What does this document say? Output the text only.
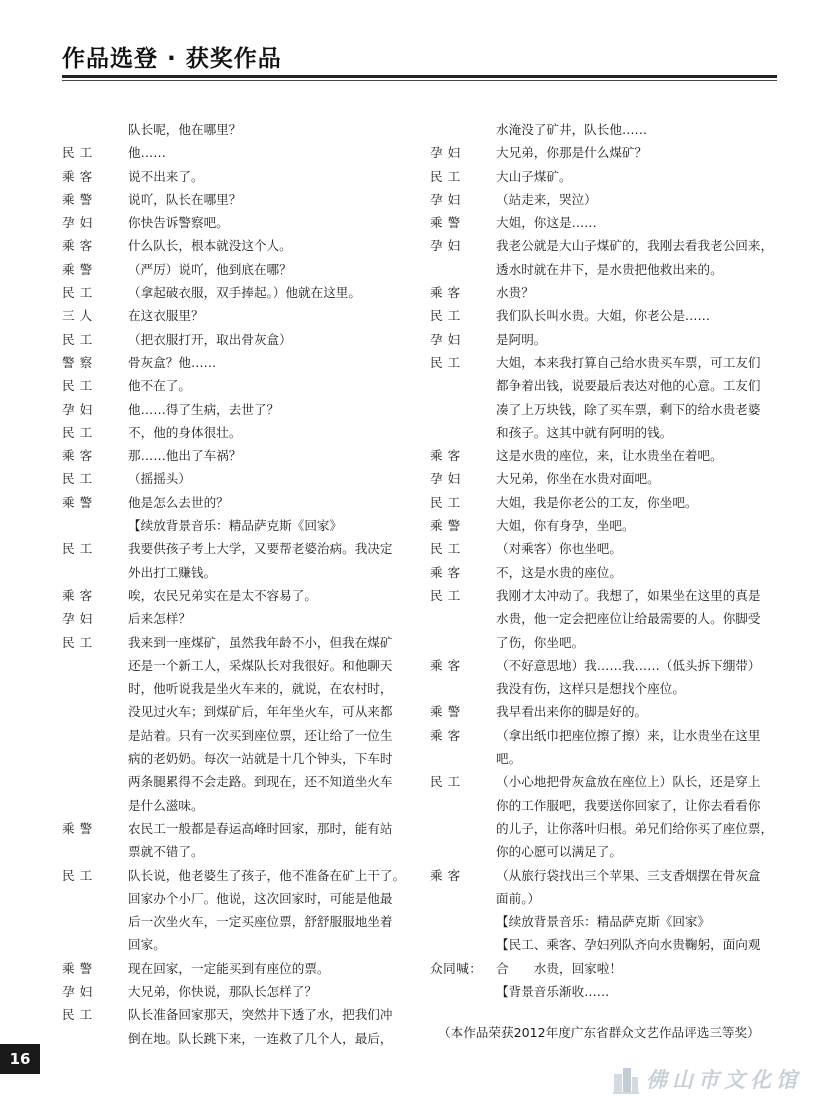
作品选登 · 获奖作品
队长呢，他在哪里？
民 工	他……
乘 客	说不出来了。
乘 警	说吖，队长在哪里？
孕 妇	你快告诉警察吧。
乘 客	什么队长，根本就没这个人。
乘 警	（严厉）说吖，他到底在哪？
民 工	（拿起破衣服，双手捧起。）他就在这里。
三 人	在这衣服里？
民 工	（把衣服打开，取出骨灰盒）
警 察	骨灰盒？他……
民 工	他不在了。
孕 妇	他……得了生病，去世了？
民 工	不，他的身体很壮。
乘 客	那……他出了车祸？
民 工	（摇摇头）
乘 警	他是怎么去世的？
【续放背景音乐：精品萨克斯《回家》
民 工	我要供孩子考上大学，又要帮老婆治病。我决定
外出打工赚钱。
乘 客	唉，农民兄弟实在是太不容易了。
孕 妇	后来怎样？
民 工	我来到一座煤矿，虽然我年龄不小，但我在煤矿
还是一个新工人，采煤队长对我很好。和他聊天
时，他听说我是坐火车来的，就说，在农村时，
没见过火车；到煤矿后，年年坐火车，可从来都
是站着。只有一次买到座位票，还让给了一位生
病的老奶奶。每次一站就是十几个钟头，下车时
两条腿累得不会走路。到现在，还不知道坐火车
是什么滋味。
乘 警	农民工一般都是春运高峰时回家，那时，能有站
票就不错了。
民 工	队长说，他老婆生了孩子，他不准备在矿上干了。
回家办个小厂。他说，这次回家时，可能是他最
后一次坐火车，一定买座位票，舒舒服服地坐着
回家。
乘 警	现在回家，一定能买到有座位的票。
孕 妇	大兄弟，你快说，那队长怎样了？
民 工	队长准备回家那天，突然井下透了水，把我们冲
倒在地。队长跳下来，一连救了几个人，最后，
水淹没了矿井，队长他……
孕 妇	大兄弟，你那是什么煤矿？
民 工	大山子煤矿。
孕 妇	（站走来，哭泣）
乘 警	大姐，你这是……
孕 妇	我老公就是大山子煤矿的，我刚去看我老公回来，
透水时就在井下，是水贵把他救出来的。
乘 客	水贵？
民 工	我们队长叫水贵。大姐，你老公是……
孕 妇	是阿明。
民 工	大姐，本来我打算自己给水贵买车票，可工友们
都争着出钱，说要最后表达对他的心意。工友们
凑了上万块钱，除了买车票，剩下的给水贵老婆
和孩子。这其中就有阿明的钱。
乘 客	这是水贵的座位，来，让水贵坐在着吧。
孕 妇	大兄弟，你坐在水贵对面吧。
民 工	大姐，我是你老公的工友，你坐吧。
乘 警	大姐，你有身孕，坐吧。
民 工	（对乘客）你也坐吧。
乘 客	不，这是水贵的座位。
民 工	我刚才太冲动了。我想了，如果坐在这里的真是
水贵，他一定会把座位让给最需要的人。你脚受
了伤，你坐吧。
乘 客	（不好意思地）我……我……（低头拆下绷带）
我没有伤，这样只是想找个座位。
乘 警	我早看出来你的脚是好的。
乘 客	（拿出纸巾把座位擦了擦）来，让水贵坐在这里
吧。
民 工	（小心地把骨灰盒放在座位上）队长，还是穿上
你的工作服吧，我要送你回家了，让你去看看你
的儿子，让你落叶归根。弟兄们给你买了座位票，
你的心愿可以满足了。
乘 客	（从旅行袋找出三个苹果、三支香烟摆在骨灰盒
面前。）
【续放背景音乐：精品萨克斯《回家》
【民工、乘客、孕妇列队齐向水贵鞠躬，面向观
众同喊：	合　　水贵，回家啦！
【背景音乐渐收……
（本作品荣获2012年度广东省群众文艺作品评选三等奖）
16
佛山市文化馆
